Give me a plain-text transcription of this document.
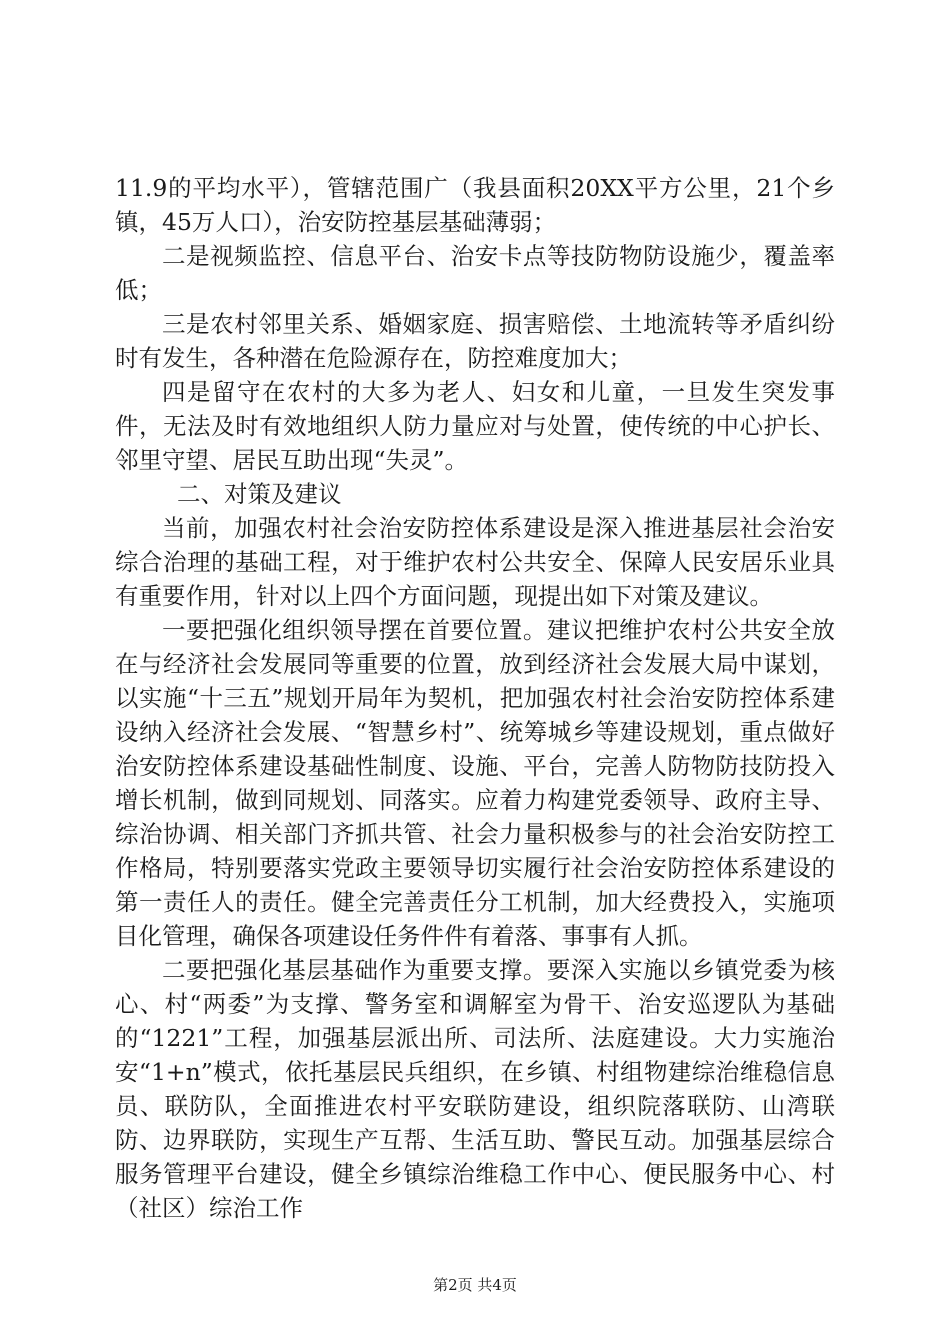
11.9的平均水平），管辖范围广（我县面积20XX平方公里，21个乡镇，45万人口），治安防控基层基础薄弱；

二是视频监控、信息平台、治安卡点等技防物防设施少，覆盖率低；

三是农村邻里关系、婚姻家庭、损害赔偿、土地流转等矛盾纠纷时有发生，各种潜在危险源存在，防控难度加大；

四是留守在农村的大多为老人、妇女和儿童，一旦发生突发事件，无法及时有效地组织人防力量应对与处置，使传统的中心护长、邻里守望、居民互助出现“失灵”。

二、对策及建议

当前，加强农村社会治安防控体系建设是深入推进基层社会治安综合治理的基础工程，对于维护农村公共安全、保障人民安居乐业具有重要作用，针对以上四个方面问题，现提出如下对策及建议。

一要把强化组织领导摆在首要位置。建议把维护农村公共安全放在与经济社会发展同等重要的位置，放到经济社会发展大局中谋划，以实施“十三五”规划开局年为契机，把加强农村社会治安防控体系建设纳入经济社会发展、“智慧乡村”、统筹城乡等建设规划，重点做好治安防控体系建设基础性制度、设施、平台，完善人防物防技防投入增长机制，做到同规划、同落实。应着力构建党委领导、政府主导、综治协调、相关部门齐抓共管、社会力量积极参与的社会治安防控工作格局，特别要落实党政主要领导切实履行社会治安防控体系建设的第一责任人的责任。健全完善责任分工机制，加大经费投入，实施项目化管理，确保各项建设任务件件有着落、事事有人抓。

二要把强化基层基础作为重要支撑。要深入实施以乡镇党委为核心、村“两委”为支撑、警务室和调解室为骨干、治安巡逻队为基础的“1221”工程，加强基层派出所、司法所、法庭建设。大力实施治安“1+n”模式，依托基层民兵组织，在乡镇、村组物建综治维稳信息员、联防队，全面推进农村平安联防建设，组织院落联防、山湾联防、边界联防，实现生产互帮、生活互助、警民互动。加强基层综合服务管理平台建设，健全乡镇综治维稳工作中心、便民服务中心、村（社区）综治工作

第2页 共4页
